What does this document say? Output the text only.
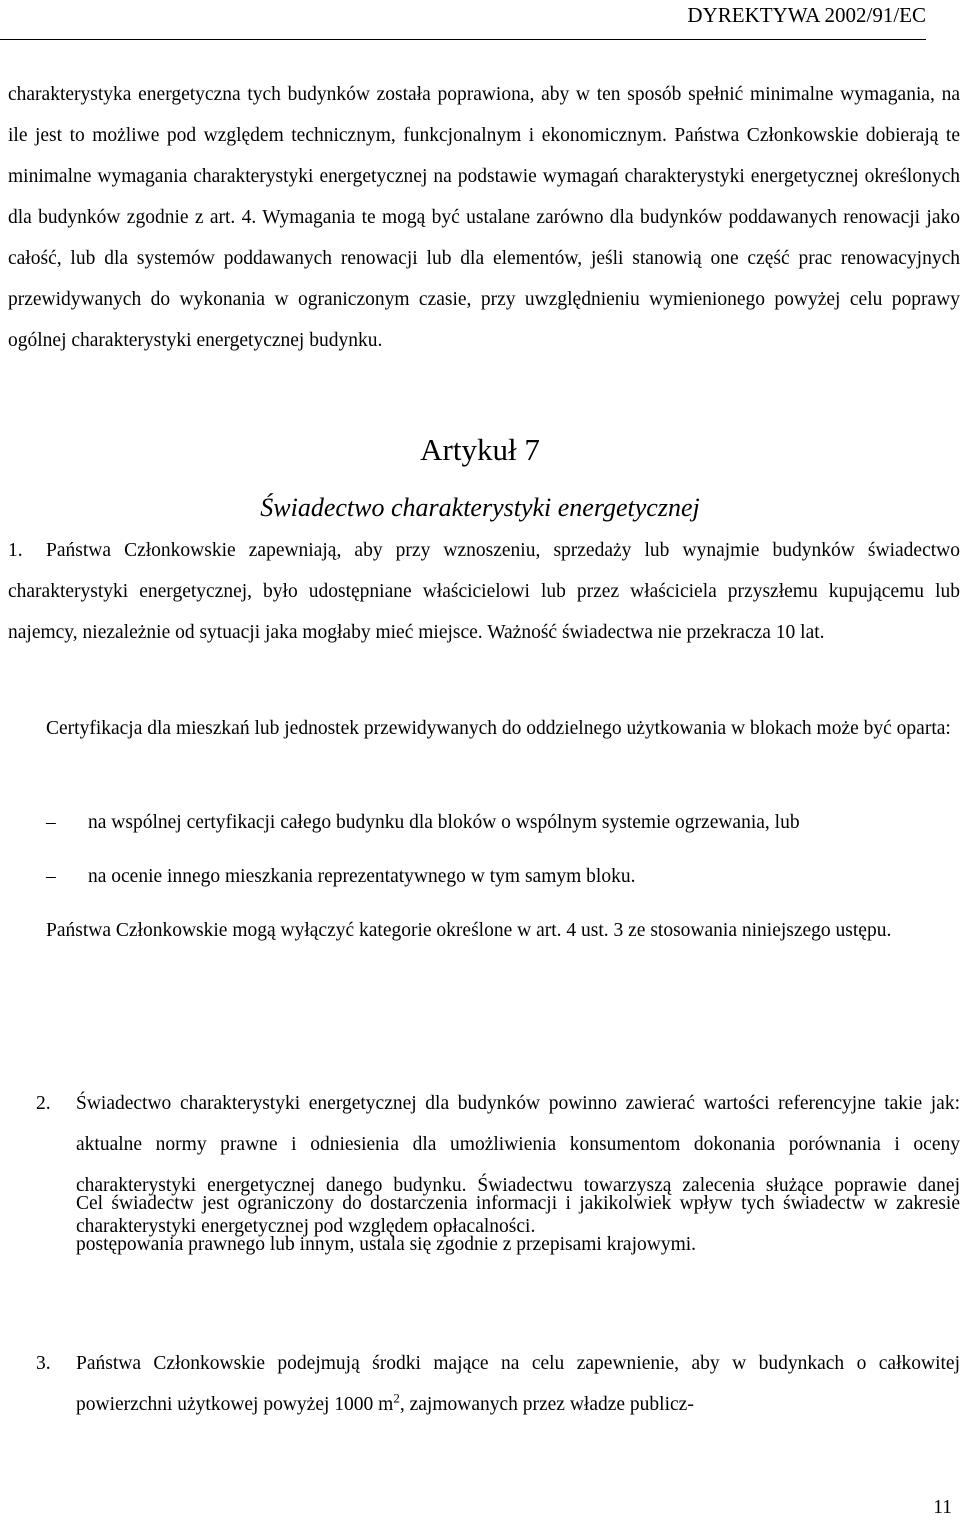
DYREKTYWA 2002/91/EC
charakterystyka energetyczna tych budynków została poprawiona, aby w ten sposób spełnić minimalne wymagania, na ile jest to możliwe pod względem technicznym, funkcjonalnym i ekonomicznym. Państwa Członkowskie dobierają te minimalne wymagania charakterystyki energetycznej na podstawie wymagań charakterystyki energetycznej określonych dla budynków zgodnie z art. 4. Wymagania te mogą być ustalane zarówno dla budynków poddawanych renowacji jako całość, lub dla systemów poddawanych renowacji lub dla elementów, jeśli stanowią one część prac renowacyjnych przewidywanych do wykonania w ograniczonym czasie, przy uwzględnieniu wymienionego powyżej celu poprawy ogólnej charakterystyki energetycznej budynku.
Artykuł 7
Świadectwo charakterystyki energetycznej
1. Państwa Członkowskie zapewniają, aby przy wznoszeniu, sprzedaży lub wynajmie budynków świadectwo charakterystyki energetycznej, było udostępniane właścicielowi lub przez właściciela przyszłemu kupującemu lub najemcy, niezależnie od sytuacji jaka mogłaby mieć miejsce. Ważność świadectwa nie przekracza 10 lat.
Certyfikacja dla mieszkań lub jednostek przewidywanych do oddzielnego użytkowania w blokach może być oparta:
– na wspólnej certyfikacji całego budynku dla bloków o wspólnym systemie ogrzewania, lub
– na ocenie innego mieszkania reprezentatywnego w tym samym bloku.
Państwa Członkowskie mogą wyłączyć kategorie określone w art. 4 ust. 3 ze stosowania niniejszego ustępu.
2.	Świadectwo charakterystyki energetycznej dla budynków powinno zawierać wartości referencyjne takie jak: aktualne normy prawne i odniesienia dla umożliwienia konsumentom dokonania porównania i oceny charakterystyki energetycznej danego budynku. Świadectwu towarzyszą zalecenia służące poprawie danej charakterystyki energetycznej pod względem opłacalności.
Cel świadectw jest ograniczony do dostarczenia informacji i jakikolwiek wpływ tych świadectw w zakresie postępowania prawnego lub innym, ustala się zgodnie z przepisami krajowymi.
3.	Państwa Członkowskie podejmują środki mające na celu zapewnienie, aby w budynkach o całkowitej powierzchni użytkowej powyżej 1000 $m^2$, zajmowanych przez władze publicz-
11
